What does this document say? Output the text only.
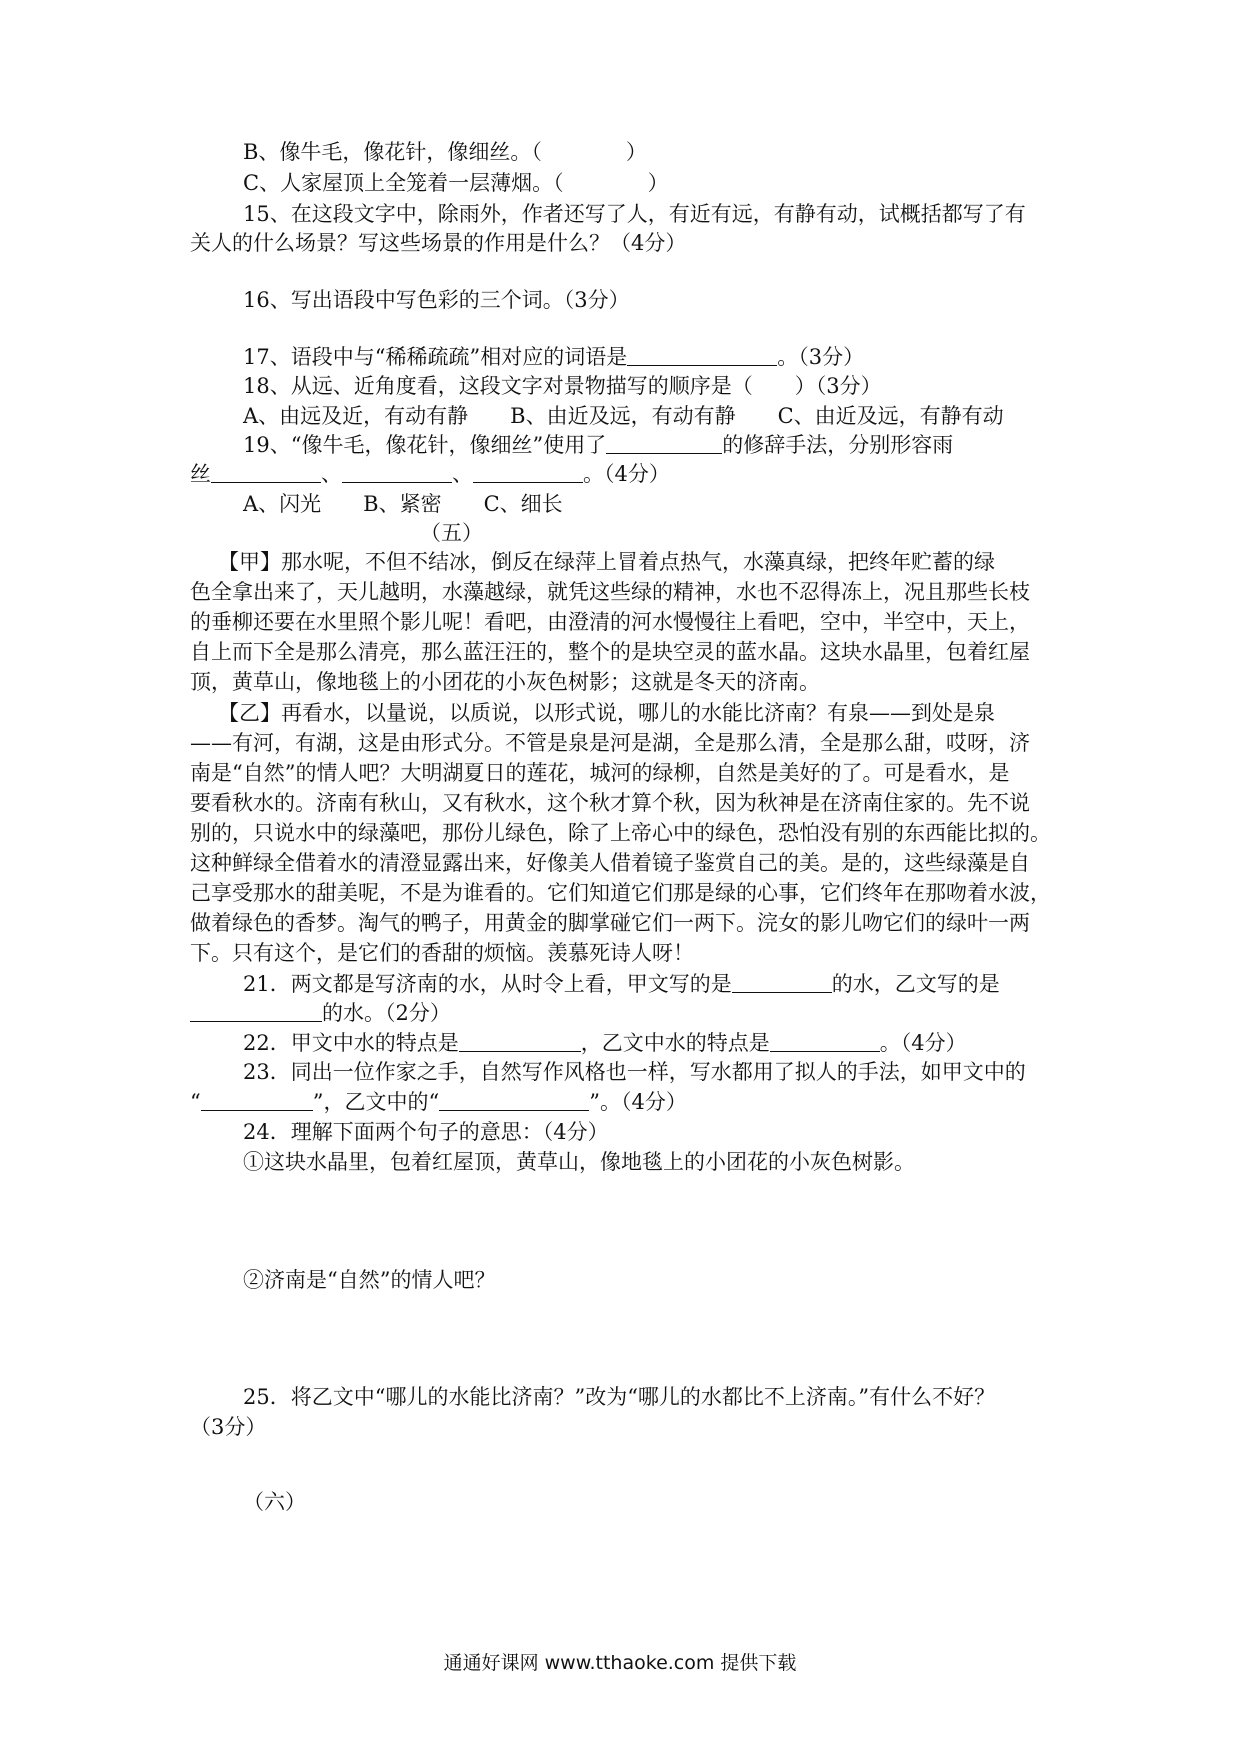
B、像牛毛，像花针，像细丝。（　　　　）
C、人家屋顶上全笼着一层薄烟。（　　　　）
15、在这段文字中，除雨外，作者还写了人，有近有远，有静有动，试概括都写了有
关人的什么场景？写这些场景的作用是什么？（4分）
16、写出语段中写色彩的三个词。（3分）
17、语段中与“稀稀疏疏”相对应的词语是	。（3分）
18、从远、近角度看，这段文字对景物描写的顺序是（　　）（3分）
A、由远及近，有动有静　　B、由近及远，有动有静　　C、由近及远，有静有动
19、“像牛毛，像花针，像细丝”使用了	的修辞手法，分别形容雨
丝	、	、	。（4分）
A、闪光　　B、紧密　　C、细长
（五）
【甲】那水呢，不但不结冰，倒反在绿萍上冒着点热气，水藻真绿，把终年贮蓄的绿
色全拿出来了，天儿越明，水藻越绿，就凭这些绿的精神，水也不忍得冻上，况且那些长枝
的垂柳还要在水里照个影儿呢！看吧，由澄清的河水慢慢往上看吧，空中，半空中，天上，
自上而下全是那么清亮，那么蓝汪汪的，整个的是块空灵的蓝水晶。这块水晶里，包着红屋
顶，黄草山，像地毯上的小团花的小灰色树影；这就是冬天的济南。
【乙】再看水，以量说，以质说，以形式说，哪儿的水能比济南？有泉——到处是泉
——有河，有湖，这是由形式分。不管是泉是河是湖，全是那么清，全是那么甜，哎呀，济
南是“自然”的情人吧？大明湖夏日的莲花，城河的绿柳，自然是美好的了。可是看水，是
要看秋水的。济南有秋山，又有秋水，这个秋才算个秋，因为秋神是在济南住家的。先不说
别的，只说水中的绿藻吧，那份儿绿色，除了上帝心中的绿色，恐怕没有别的东西能比拟的。
这种鲜绿全借着水的清澄显露出来，好像美人借着镜子鉴赏自己的美。是的，这些绿藻是自
己享受那水的甜美呢，不是为谁看的。它们知道它们那是绿的心事，它们终年在那吻着水波，
做着绿色的香梦。淘气的鸭子，用黄金的脚掌碰它们一两下。浣女的影儿吻它们的绿叶一两
下。只有这个，是它们的香甜的烦恼。羡慕死诗人呀！
21．两文都是写济南的水，从时令上看，甲文写的是	的水，乙文写的是
的水。（2分）
22．甲文中水的特点是	，乙文中水的特点是	。（4分）
23．同出一位作家之手，自然写作风格也一样，写水都用了拟人的手法，如甲文中的
“	”，乙文中的“	”。（4分）
24．理解下面两个句子的意思：（4分）
①这块水晶里，包着红屋顶，黄草山，像地毯上的小团花的小灰色树影。
②济南是“自然”的情人吧？
25．将乙文中“哪儿的水能比济南？”改为“哪儿的水都比不上济南。”有什么不好？
（3分）
（六）
通通好课网 www.tthaoke.com 提供下载
